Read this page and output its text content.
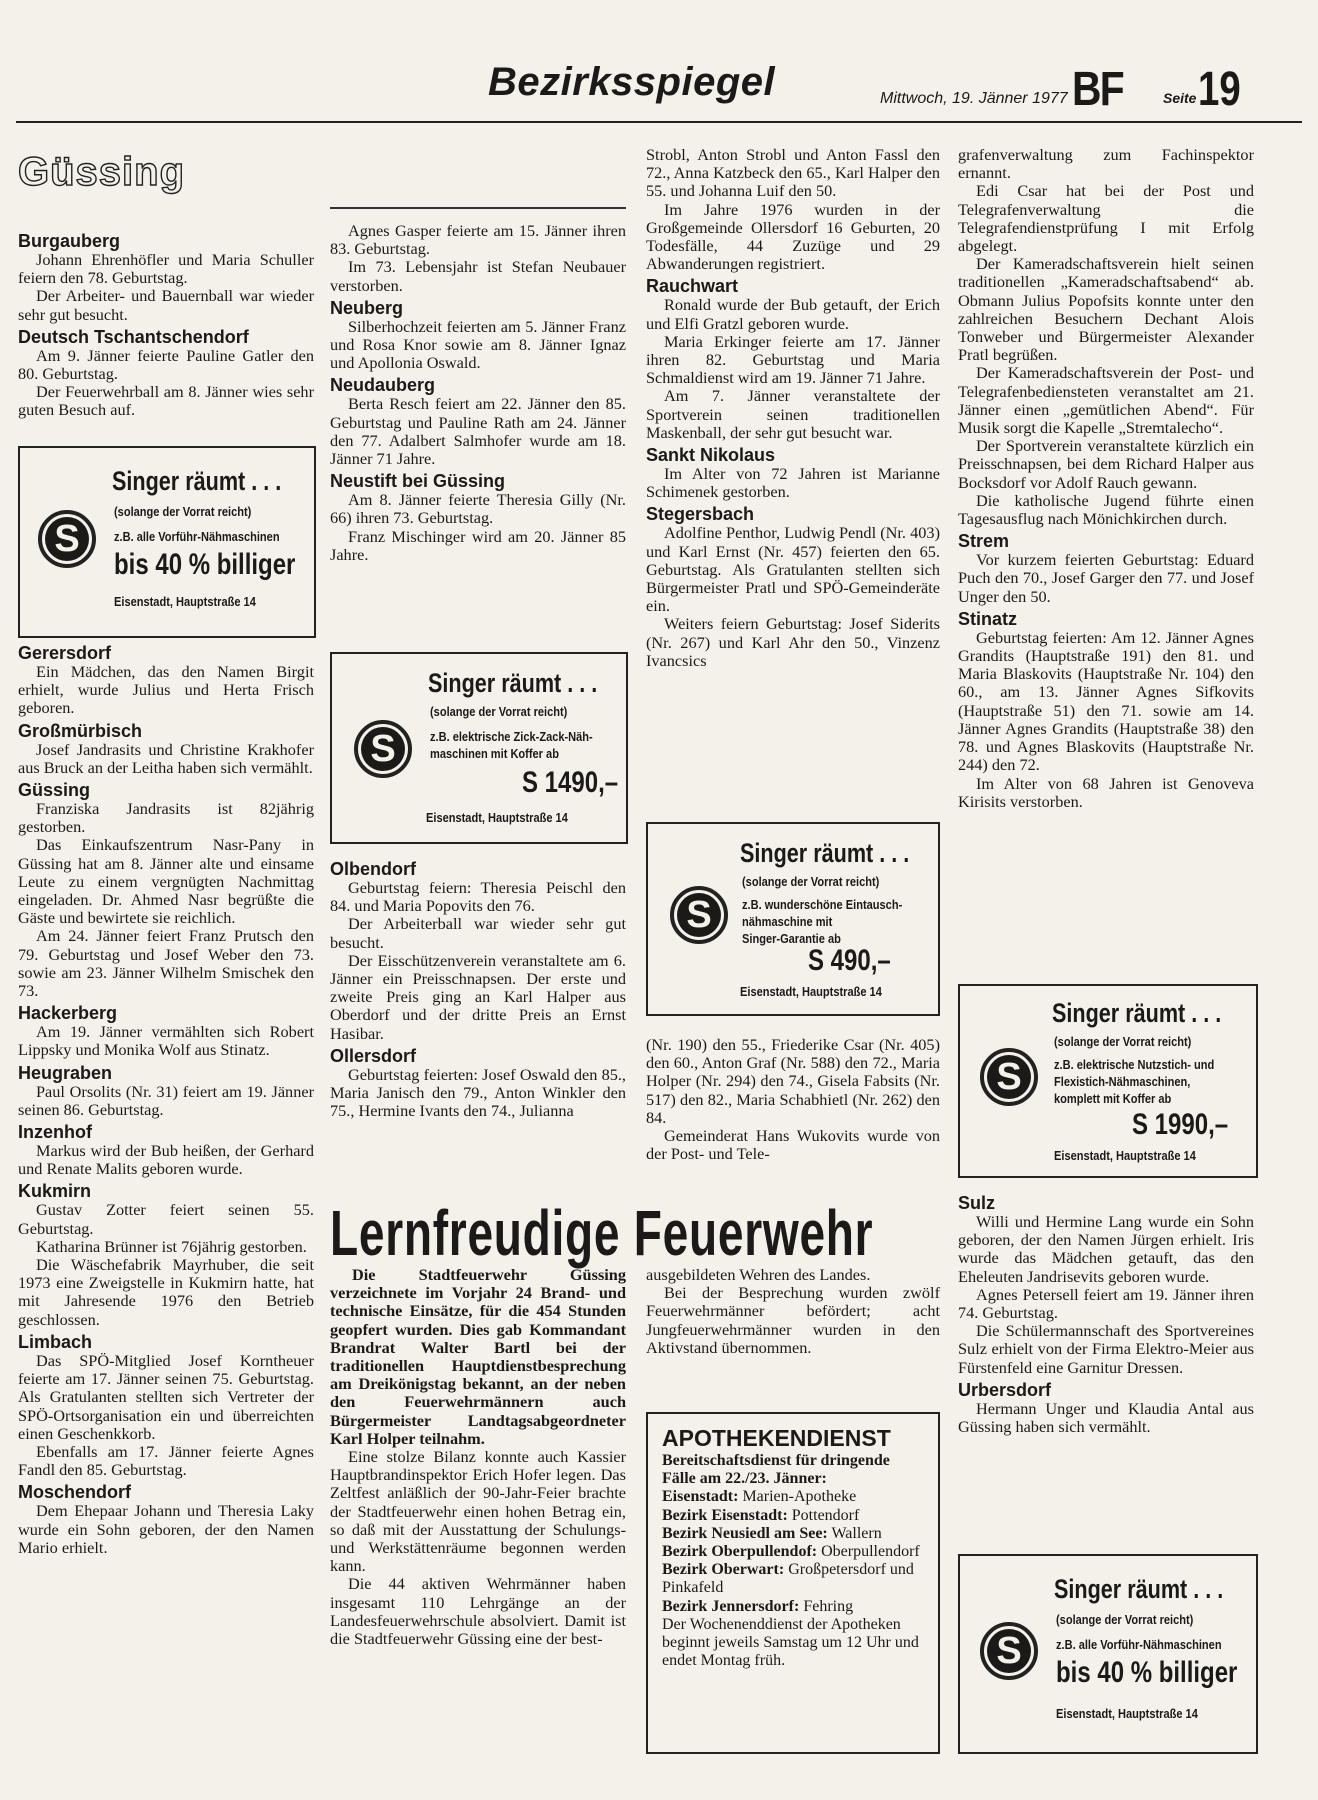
Bezirksspiegel	Mittwoch, 19. Jänner 1977 BF	Seite 19
Güssing
Burgauberg

Johann Ehrenhöfler und Maria Schuller feiern den 78. Geburtstag.

Der Arbeiter- und Bauernball war wieder sehr gut besucht.

Deutsch Tschantschendorf

Am 9. Jänner feierte Pauline Gatler den 80. Geburtstag.

Der Feuerwehrball am 8. Jänner wies sehr guten Besuch auf.

S
Singer räumt . . .
(solange der Vorrat reicht)
z.B. alle Vorführ-Nähmaschinen
bis 40 % billiger
Eisenstadt, Hauptstraße 14
Gerersdorf

Ein Mädchen, das den Namen Birgit erhielt, wurde Julius und Herta Frisch geboren.

Großmürbisch

Josef Jandrasits und Christine Krakhofer aus Bruck an der Leitha haben sich vermählt.

Güssing

Franziska Jandrasits ist 82jährig gestorben.

Das Einkaufszentrum Nasr-Pany in Güssing hat am 8. Jänner alte und einsame Leute zu einem vergnügten Nachmittag eingeladen. Dr. Ahmed Nasr begrüßte die Gäste und bewirtete sie reichlich.

Am 24. Jänner feiert Franz Prutsch den 79. Geburtstag und Josef Weber den 73. sowie am 23. Jänner Wilhelm Smischek den 73.

Hackerberg

Am 19. Jänner vermählten sich Robert Lippsky und Monika Wolf aus Stinatz.

Heugraben

Paul Orsolits (Nr. 31) feiert am 19. Jänner seinen 86. Geburtstag.

Inzenhof

Markus wird der Bub heißen, der Gerhard und Renate Malits geboren wurde.

Kukmirn

Gustav Zotter feiert seinen 55. Geburtstag.

Katharina Brünner ist 76jährig gestorben.

Die Wäschefabrik Mayrhuber, die seit 1973 eine Zweigstelle in Kukmirn hatte, hat mit Jahresende 1976 den Betrieb geschlossen.

Limbach

Das SPÖ-Mitglied Josef Korntheuer feierte am 17. Jänner seinen 75. Geburtstag. Als Gratulanten stellten sich Vertreter der SPÖ-Ortsorganisation ein und überreichten einen Geschenkkorb.

Ebenfalls am 17. Jänner feierte Agnes Fandl den 85. Geburtstag.

Moschendorf

Dem Ehepaar Johann und Theresia Laky wurde ein Sohn geboren, der den Namen Mario erhielt.

Agnes Gasper feierte am 15. Jänner ihren 83. Geburtstag.

Im 73. Lebensjahr ist Stefan Neubauer verstorben.

Neuberg

Silberhochzeit feierten am 5. Jänner Franz und Rosa Knor sowie am 8. Jänner Ignaz und Apollonia Oswald.

Neudauberg

Berta Resch feiert am 22. Jänner den 85. Geburtstag und Pauline Rath am 24. Jänner den 77. Adalbert Salmhofer wurde am 18. Jänner 71 Jahre.

Neustift bei Güssing

Am 8. Jänner feierte Theresia Gilly (Nr. 66) ihren 73. Geburtstag.

Franz Mischinger wird am 20. Jänner 85 Jahre.

S
Singer räumt . . .
(solange der Vorrat reicht)
z.B. elektrische Zick-Zack-Näh-
maschinen mit Koffer ab
S 1490,–
Eisenstadt, Hauptstraße 14
Olbendorf

Geburtstag feiern: Theresia Peischl den 84. und Maria Popovits den 76.

Der Arbeiterball war wieder sehr gut besucht.

Der Eisschützenverein veranstaltete am 6. Jänner ein Preisschnapsen. Der erste und zweite Preis ging an Karl Halper aus Oberdorf und der dritte Preis an Ernst Hasibar.

Ollersdorf

Geburtstag feierten: Josef Oswald den 85., Maria Janisch den 79., Anton Winkler den 75., Hermine Ivants den 74., Julianna

Strobl, Anton Strobl und Anton Fassl den 72., Anna Katzbeck den 65., Karl Halper den 55. und Johanna Luif den 50.

Im Jahre 1976 wurden in der Großgemeinde Ollersdorf 16 Geburten, 20 Todesfälle, 44 Zuzüge und 29 Abwanderungen registriert.

Rauchwart

Ronald wurde der Bub getauft, der Erich und Elfi Gratzl geboren wurde.

Maria Erkinger feierte am 17. Jänner ihren 82. Geburtstag und Maria Schmaldienst wird am 19. Jänner 71 Jahre.

Am 7. Jänner veranstaltete der Sportverein seinen traditionellen Maskenball, der sehr gut besucht war.

Sankt Nikolaus

Im Alter von 72 Jahren ist Marianne Schimenek gestorben.

Stegersbach

Adolfine Penthor, Ludwig Pendl (Nr. 403) und Karl Ernst (Nr. 457) feierten den 65. Geburtstag. Als Gratulanten stellten sich Bürgermeister Pratl und SPÖ-Gemeinderäte ein.

Weiters feiern Geburtstag: Josef Siderits (Nr. 267) und Karl Ahr den 50., Vinzenz Ivancsics

S
Singer räumt . . .
(solange der Vorrat reicht)
z.B. wunderschöne Eintausch-
nähmaschine mit
Singer-Garantie ab
S 490,–
Eisenstadt, Hauptstraße 14

(Nr. 190) den 55., Friederike Csar (Nr. 405) den 60., Anton Graf (Nr. 588) den 72., Maria Holper (Nr. 294) den 74., Gisela Fabsits (Nr. 517) den 82., Maria Schabhietl (Nr. 262) den 84.

Gemeinderat Hans Wukovits wurde von der Post- und Tele-

grafenverwaltung zum Fachinspektor ernannt.

Edi Csar hat bei der Post und Telegrafenverwaltung die Telegrafendienstprüfung I mit Erfolg abgelegt.

Der Kameradschaftsverein hielt seinen traditionellen „Kameradschaftsabend“ ab. Obmann Julius Popofsits konnte unter den zahlreichen Besuchern Dechant Alois Tonweber und Bürgermeister Alexander Pratl begrüßen.

Der Kameradschaftsverein der Post- und Telegrafenbediensteten veranstaltet am 21. Jänner einen „gemütlichen Abend“. Für Musik sorgt die Kapelle „Stremtalecho“.

Der Sportverein veranstaltete kürzlich ein Preisschnapsen, bei dem Richard Halper aus Bocksdorf vor Adolf Rauch gewann.

Die katholische Jugend führte einen Tagesausflug nach Mönichkirchen durch.

Strem

Vor kurzem feierten Geburtstag: Eduard Puch den 70., Josef Garger den 77. und Josef Unger den 50.

Stinatz

Geburtstag feierten: Am 12. Jänner Agnes Grandits (Hauptstraße 191) den 81. und Maria Blaskovits (Hauptstraße Nr. 104) den 60., am 13. Jänner Agnes Sifkovits (Hauptstraße 51) den 71. sowie am 14. Jänner Agnes Grandits (Hauptstraße 38) den 78. und Agnes Blaskovits (Hauptstraße Nr. 244) den 72.

Im Alter von 68 Jahren ist Genoveva Kirisits verstorben.

S
Singer räumt . . .
(solange der Vorrat reicht)
z.B. elektrische Nutzstich- und
Flexistich-Nähmaschinen,
komplett mit Koffer ab
S 1990,–
Eisenstadt, Hauptstraße 14
Sulz

Willi und Hermine Lang wurde ein Sohn geboren, der den Namen Jürgen erhielt. Iris wurde das Mädchen getauft, das den Eheleuten Jandrisevits geboren wurde.

Agnes Petersell feiert am 19. Jänner ihren 74. Geburtstag.

Die Schülermannschaft des Sportvereines Sulz erhielt von der Firma Elektro-Meier aus Fürstenfeld eine Garnitur Dressen.

Urbersdorf

Hermann Unger und Klaudia Antal aus Güssing haben sich vermählt.

S
Singer räumt . . .
(solange der Vorrat reicht)
z.B. alle Vorführ-Nähmaschinen
bis 40 % billiger
Eisenstadt, Hauptstraße 14
Lernfreudige Feuerwehr

Die Stadtfeuerwehr Güssing verzeichnete im Vorjahr 24 Brand- und technische Einsätze, für die 454 Stunden geopfert wurden. Dies gab Kommandant Brandrat Walter Bartl bei der traditionellen Hauptdienstbesprechung am Dreikönigstag bekannt, an der neben den Feuerwehrmännern auch Bürgermeister Landtagsabgeordneter Karl Holper teilnahm.

Eine stolze Bilanz konnte auch Kassier Hauptbrandinspektor Erich Hofer legen. Das Zeltfest anläßlich der 90-Jahr-Feier brachte der Stadtfeuerwehr einen hohen Betrag ein, so daß mit der Ausstattung der Schulungs- und Werkstättenräume begonnen werden kann.

Die 44 aktiven Wehrmänner haben insgesamt 110 Lehrgänge an der Landesfeuerwehrschule absolviert. Damit ist die Stadtfeuerwehr Güssing eine der best-

ausgebildeten Wehren des Landes.

Bei der Besprechung wurden zwölf Feuerwehrmänner befördert; acht Jungfeuerwehrmänner wurden in den Aktivstand übernommen.

APOTHEKENDIENST

Bereitschaftsdienst für dringende Fälle am 22./23. Jänner:

Eisenstadt: Marien-Apotheke

Bezirk Eisenstadt: Pottendorf

Bezirk Neusiedl am See: Wallern

Bezirk Oberpullendof: Oberpullendorf

Bezirk Oberwart: Großpetersdorf und Pinkafeld

Bezirk Jennersdorf: Fehring

Der Wochenenddienst der Apotheken beginnt jeweils Samstag um 12 Uhr und endet Montag früh.
